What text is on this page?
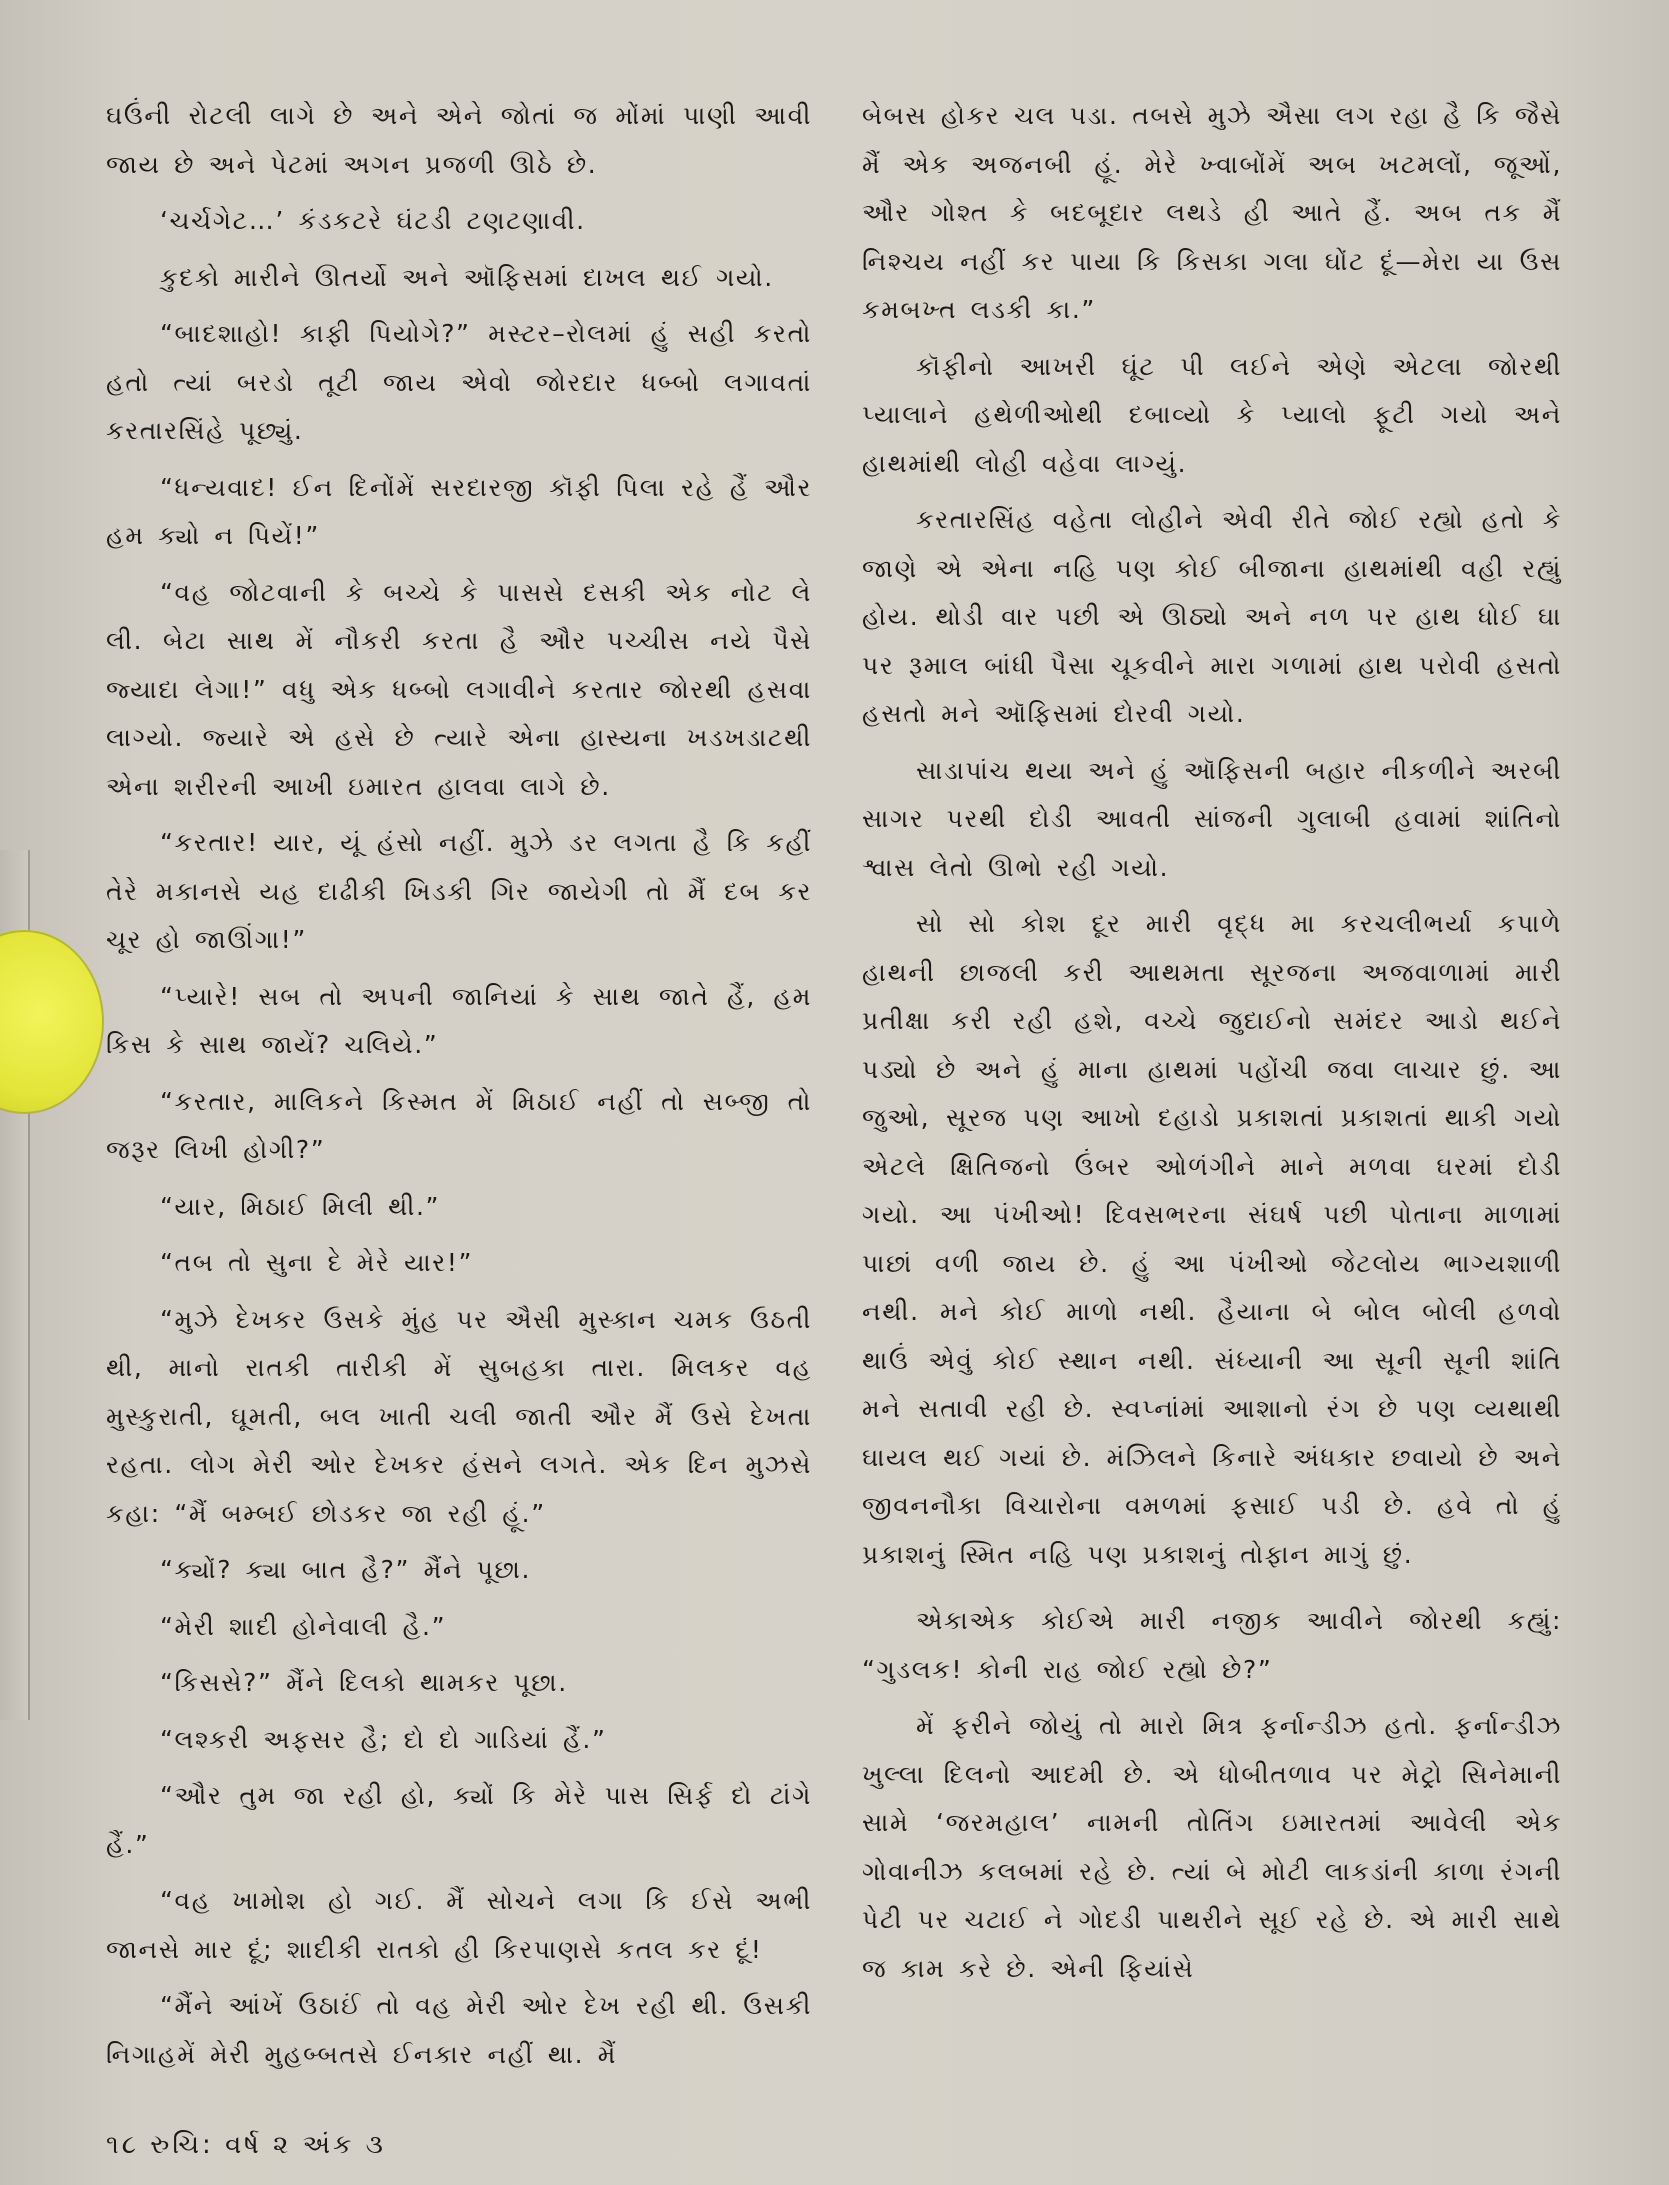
ઘઉંની રોટલી લાગે છે અને એને જોતાં જ મોંમાં પાણી આવી જાય છે અને પેટમાં અગન પ્રજળી ઊઠે છે.

‘ચર્ચગેટ…’ કંડકટરે ઘંટડી ટણટણાવી.

કુદકો મારીને ઊતર્યો અને ઑફિસમાં દાખલ થઈ ગયો.

“બાદશાહો! કાફી પિયોગે?” મસ્ટર–રોલમાં હું સહી કરતો હતો ત્યાં બરડો તૂટી જાય એવો જોરદાર ધબ્બો લગાવતાં કરતારસિંહે પૂછ્યું.

“ધન્યવાદ! ઈન દિનોંમેં સરદારજી કૉફી પિલા રહે હૈં ઔર હમ ક્યો ન પિયેં!”

“વહ જોટવાની કે બચ્ચે કે પાસસે દસકી એક નોટ લે લી. બેટા સાથ મેં નૌકરી કરતા હૈ ઔર પચ્ચીસ નયે પૈસે જ્યાદા લેગા!” વધુ એક ધબ્બો લગાવીને કરતાર જોરથી હસવા લાગ્યો. જ્યારે એ હસે છે ત્યારે એના હાસ્યના ખડખડાટથી એના શરીરની આખી ઇમારત હાલવા લાગે છે.

“કરતાર! યાર, યૂં હંસો નહીં. મુઝે ડર લગતા હૈ કિ કહીં તેરે મકાનસે યહ દાઢીકી ખિડકી ગિર જાયેગી તો મૈં દબ કર ચૂર હો જાઊંગા!”

“પ્યારે! સબ તો અપની જાનિયાં કે સાથ જાતે હૈં, હમ કિસ કે સાથ જાયેં? ચલિયે.”

“કરતાર, માલિકને કિસ્મત મેં મિઠાઈ નહીં તો સબ્જી તો જરૂર લિખી હોગી?”

“યાર, મિઠાઈ મિલી થી.”

“તબ તો સુના દે મેરે યાર!”

“મુઝે દેખકર ઉસકે મુંહ પર ઐસી મુસ્કાન ચમક ઉઠતી થી, માનો રાતકી તારીકી મેં સુબહકા તારા. મિલકર વહ મુસ્કુરાતી, ઘૂમતી, બલ ખાતી ચલી જાતી ઔર મૈં ઉસે દેખતા રહતા. લોગ મેરી ઓર દેખકર હંસને લગતે. એક દિન મુઝસે કહા: “મૈં બમ્બઈ છોડકર જા રહી હૂં.”

“ક્યોં? ક્યા બાત હૈ?” મૈંને પૂછા.

“મેરી શાદી હોનેવાલી હૈ.”

“કિસસે?” મૈંને દિલકો થામકર પૂછા.

“લશ્કરી અફસર હૈ; દો દો ગાડિયાં હૈં.”

“ઔર તુમ જા રહી હો, ક્યોં કિ મેરે પાસ સિર્ફ દો ટાંગે હૈં.”

“વહ ખામોશ હો ગઈ. મૈં સોચને લગા કિ ઈસે અભી જાનસે માર દૂં; શાદીકી રાતકો હી કિરપાણસે કતલ કર દૂં!

“મૈંને આંખેં ઉઠાઈં તો વહ મેરી ઓર દેખ રહી થી. ઉસકી નિગાહમેં મેરી મુહબ્બતસે ઈનકાર નહીં થા. મૈં

બેબસ હોકર ચલ પડા. તબસે મુઝે ઐસા લગ રહા હૈ કિ જૈસે મૈં એક અજનબી હૂં. મેરે ખ્વાબોંમેં અબ ખટમલોં, જૂઓં, ઔર ગોશ્ત કે બદબૂદાર લથડે હી આતે હૈં. અબ તક મૈં નિશ્ચય નહીં કર પાયા કિ કિસકા ગલા ઘોંટ દૂં—મેરા યા ઉસ કમબખ્ત લડકી કા.”

કૉફીનો આખરી ઘૂંટ પી લઈને એણે એટલા જોરથી પ્યાલાને હથેળીઓથી દબાવ્યો કે પ્યાલો ફૂટી ગયો અને હાથમાંથી લોહી વહેવા લાગ્યું.

કરતારસિંહ વહેતા લોહીને એવી રીતે જોઈ રહ્યો હતો કે જાણે એ એના નહિ પણ કોઈ બીજાના હાથમાંથી વહી રહ્યું હોય. થોડી વાર પછી એ ઊઠ્યો અને નળ પર હાથ ધોઈ ઘા પર રૂમાલ બાંધી પૈસા ચૂકવીને મારા ગળામાં હાથ પરોવી હસતો હસતો મને ઑફિસમાં દોરવી ગયો.

સાડાપાંચ થયા અને હું ઑફિસની બહાર નીકળીને અરબી સાગર પરથી દોડી આવતી સાંજની ગુલાબી હવામાં શાંતિનો શ્વાસ લેતો ઊભો રહી ગયો.

સો સો કોશ દૂર મારી વૃદ્ધ મા કરચલીભર્યા કપાળે હાથની છાજલી કરી આથમતા સૂરજના અજવાળામાં મારી પ્રતીક્ષા કરી રહી હશે, વચ્ચે જુદાઈનો સમંદર આડો થઈને પડ્યો છે અને હું માના હાથમાં પહોંચી જવા લાચાર છું. આ જુઓ, સૂરજ પણ આખો દહાડો પ્રકાશતાં પ્રકાશતાં થાકી ગયો એટલે ક્ષિતિજનો ઉંબર ઓળંગીને માને મળવા ઘરમાં દોડી ગયો. આ પંખીઓ! દિવસભરના સંઘર્ષ પછી પોતાના માળામાં પાછાં વળી જાય છે. હું આ પંખીઓ જેટલોય ભાગ્યશાળી નથી. મને કોઈ માળો નથી. હૈયાના બે બોલ બોલી હળવો થાઉં એવું કોઈ સ્થાન નથી. સંધ્યાની આ સૂની સૂની શાંતિ મને સતાવી રહી છે. સ્વપ્નાંમાં આશાનો રંગ છે પણ વ્યથાથી ઘાયલ થઈ ગયાં છે. મંઝિલને કિનારે અંધકાર છવાયો છે અને જીવનનૌકા વિચારોના વમળમાં ફસાઈ પડી છે. હવે તો હું પ્રકાશનું સ્મિત નહિ પણ પ્રકાશનું તોફાન માગું છું.

એકાએક કોઈએ મારી નજીક આવીને જોરથી કહ્યું: “ગુડલક! કોની રાહ જોઈ રહ્યો છે?”

મેં ફરીને જોયું તો મારો મિત્ર ફર્નાન્ડીઝ હતો. ફર્નાન્ડીઝ ખુલ્લા દિલનો આદમી છે. એ ધોબીતળાવ પર મેટ્રો સિનેમાની સામે ‘જરમહાલ’ નામની તોતિંગ ઇમારતમાં આવેલી એક ગોવાનીઝ કલબમાં રહે છે. ત્યાં બે મોટી લાકડાંની કાળા રંગની પેટી પર ચટાઈ ને ગોદડી પાથરીને સૂઈ રહે છે. એ મારી સાથે જ કામ કરે છે. એની ફિયાંસે

૧૮ રુચિ: વર્ષ ૨ અંક ૩
